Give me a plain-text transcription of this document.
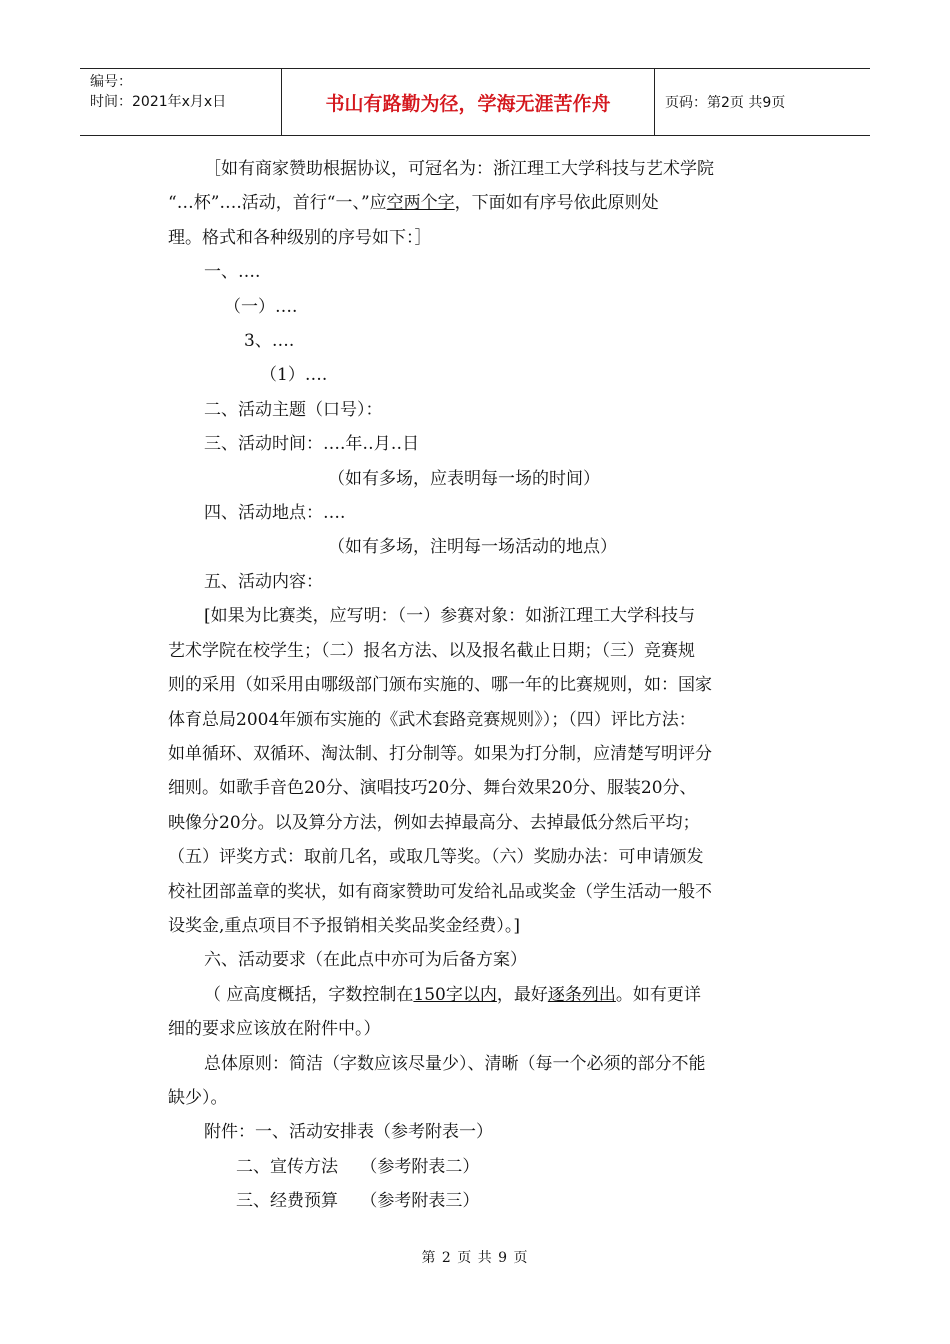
编号：
时间：2021年x月x日	书山有路勤为径，学海无涯苦作舟	页码：第2页 共9页

［如有商家赞助根据协议，可冠名为：浙江理工大学科技与艺术学院

“…杯”….活动，首行“一、”应空两个字，下面如有序号依此原则处

理。格式和各种级别的序号如下：］

一、….

（一）….

3、….

（1）….

二、活动主题（口号）：

三、活动时间：….年‥月‥日

（如有多场，应表明每一场的时间）

四、活动地点：….

（如有多场，注明每一场活动的地点）

五、活动内容：

[如果为比赛类，应写明：（一）参赛对象：如浙江理工大学科技与

艺术学院在校学生；（二）报名方法、以及报名截止日期；（三）竞赛规

则的采用（如采用由哪级部门颁布实施的、哪一年的比赛规则，如：国家

体育总局2004年颁布实施的《武术套路竞赛规则》）；（四）评比方法：

如单循环、双循环、淘汰制、打分制等。如果为打分制，应清楚写明评分

细则。如歌手音色20分、演唱技巧20分、舞台效果20分、服装20分、

映像分20分。以及算分方法，例如去掉最高分、去掉最低分然后平均；

（五）评奖方式：取前几名，或取几等奖。（六）奖励办法：可申请颁发

校社团部盖章的奖状，如有商家赞助可发给礼品或奖金（学生活动一般不

设奖金,重点项目不予报销相关奖品奖金经费）。]

六、活动要求（在此点中亦可为后备方案）

（ 应高度概括，字数控制在150字以内，最好逐条列出。如有更详

细的要求应该放在附件中。）

总体原则：简洁（字数应该尽量少）、清晰（每一个必须的部分不能

缺少）。

附件：一、活动安排表（参考附表一）

二、宣传方法　 （参考附表二）

三、经费预算　 （参考附表三）

第 2 页 共 9 页
